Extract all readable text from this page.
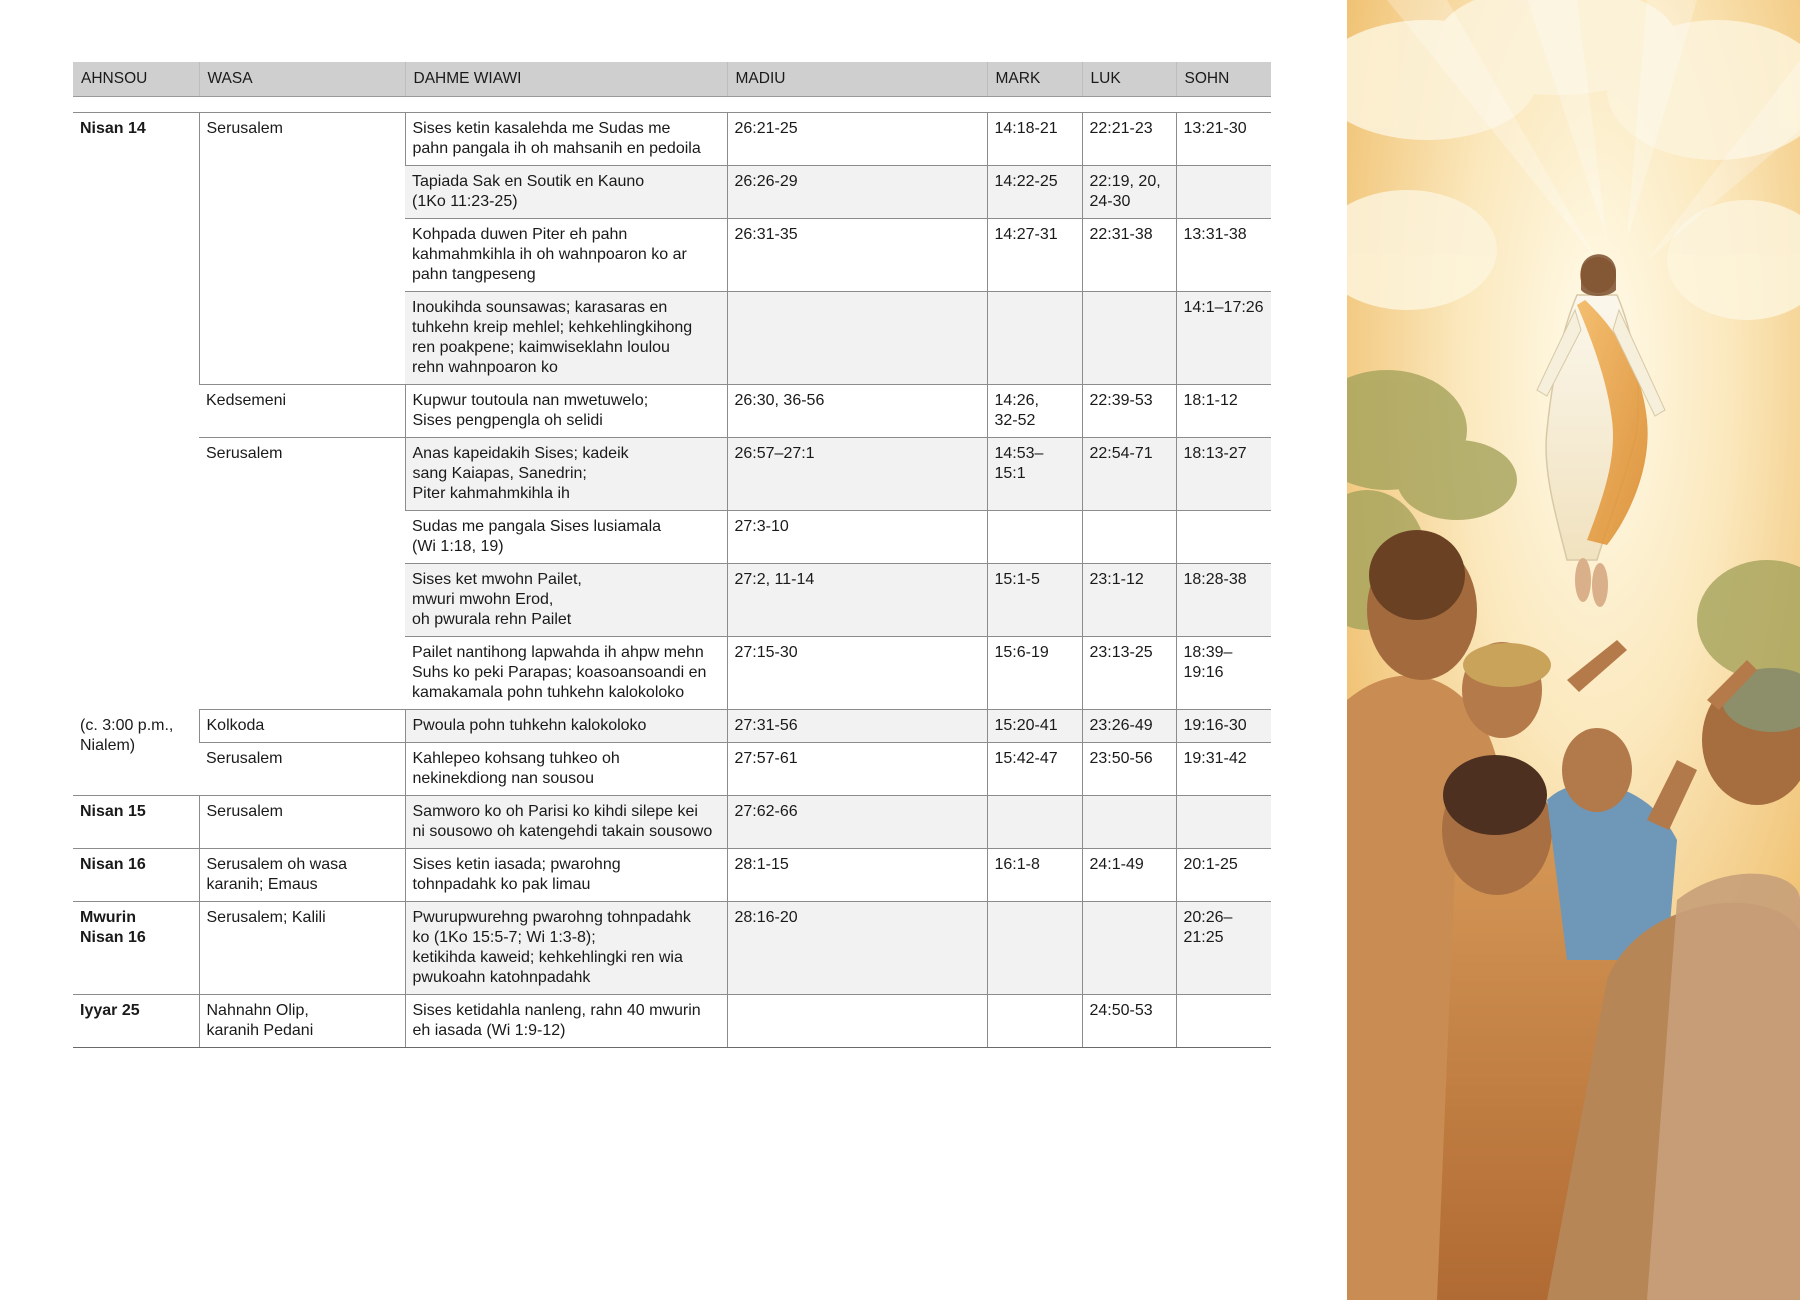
AHNSOU	WASA	DAHME WIAWI	MADIU		MARK	LUK	SOHN

Nisan 14	Serusalem	Sises ketin kasalehda me Sudas me
pahn pangala ih oh mahsanih en pedoila	26:21-25		14:18-21	22:21-23	13:21-30
		Tapiada Sak en Soutik en Kauno
(1Ko 11:23-25)	26:26-29		14:22-25	22:19, 20,
24-30	
		Kohpada duwen Piter eh pahn
kahmahmkihla ih oh wahnpoaron ko ar
pahn tangpeseng	26:31-35		14:27-31	22:31-38	13:31-38
		Inoukihda sounsawas; karasaras en
tuhkehn kreip mehlel; kehkehlingkihong
ren poakpene; kaimwiseklahn loulou
rehn wahnpoaron ko					14:1–17:26
	Kedsemeni	Kupwur toutoula nan mwetuwelo;
Sises pengpengla oh selidi	26:30, 36-56		14:26,
32-52	22:39-53	18:1-12
	Serusalem	Anas kapeidakih Sises; kadeik
sang Kaiapas, Sanedrin;
Piter kahmahmkihla ih	26:57–27:1		14:53–15:1	22:54-71	18:13-27
		Sudas me pangala Sises lusiamala
(Wi 1:18, 19)	27:3-10				
		Sises ket mwohn Pailet,
mwuri mwohn Erod,
oh pwurala rehn Pailet	27:2, 11-14		15:1-5	23:1-12	18:28-38
		Pailet nantihong lapwahda ih ahpw mehn
Suhs ko peki Parapas; koasoansoandi en
kamakamala pohn tuhkehn kalokoloko	27:15-30		15:6-19	23:13-25	18:39–
19:16
(c. 3:00 p.m.,
Nialem)	Kolkoda	Pwoula pohn tuhkehn kalokoloko	27:31-56		15:20-41	23:26-49	19:16-30
	Serusalem	Kahlepeo kohsang tuhkeo oh
nekinekdiong nan sousou	27:57-61		15:42-47	23:50-56	19:31-42
Nisan 15	Serusalem	Samworo ko oh Parisi ko kihdi silepe kei
ni sousowo oh katengehdi takain sousowo	27:62-66				
Nisan 16	Serusalem oh wasa
karanih; Emaus	Sises ketin iasada; pwarohng
tohnpadahk ko pak limau	28:1-15		16:1-8	24:1-49	20:1-25
Mwurin
Nisan 16	Serusalem; Kalili	Pwurupwurehng pwarohng tohnpadahk
ko (1Ko 15:5-7; Wi 1:3-8);
ketikihda kaweid; kehkehlingki ren wia
pwukoahn katohnpadahk	28:16-20				20:26–
21:25
Iyyar 25	Nahnahn Olip,
karanih Pedani	Sises ketidahla nanleng, rahn 40 mwurin
eh iasada (Wi 1:9-12)				24:50-53	
